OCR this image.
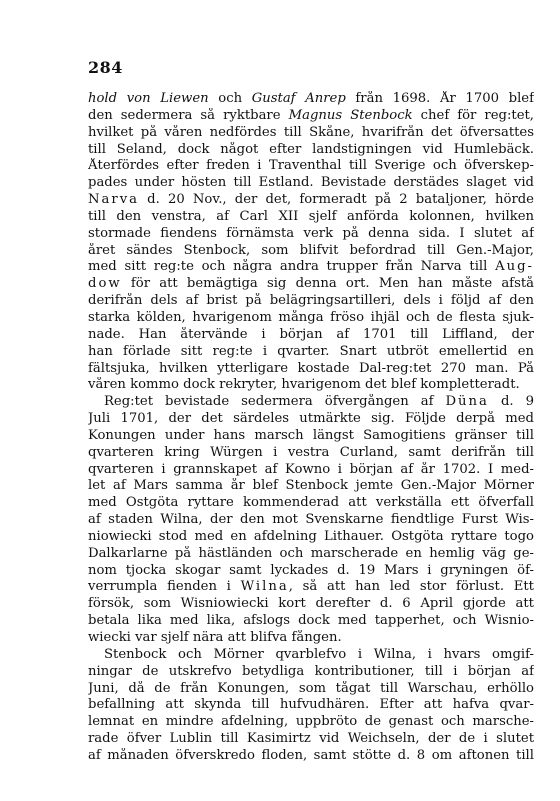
284
hold von Liewen och Gustaf Anrep från 1698. År 1700 blef
den sedermera så ryktbare Magnus Stenbock chef för reg:tet,
hvilket på våren nedfördes till Skåne, hvarifrån det öfversattes
till Seland, dock något efter landstigningen vid Humlebäck.
Återfördes efter freden i Traventhal till Sverige och öfverskep-
pades under hösten till Estland. Bevistade derstädes slaget vid
Narva d. 20 Nov., der det, formeradt på 2 bataljoner, hörde
till den venstra, af Carl XII sjelf anförda kolonnen, hvilken
stormade fiendens förnämsta verk på denna sida. I slutet af
året sändes Stenbock, som blifvit befordrad till Gen.-Major,
med sitt reg:te och några andra trupper från Narva till Aug-
dow för att bemägtiga sig denna ort. Men han måste afstå
derifrån dels af brist på belägringsartilleri, dels i följd af den
starka kölden, hvarigenom många fröso ihjäl och de flesta sjuk-
nade. Han återvände i början af 1701 till Liffland, der
han förlade sitt reg:te i qvarter. Snart utbröt emellertid en
fältsjuka, hvilken ytterligare kostade Dal-reg:tet 270 man. På
våren kommo dock rekryter, hvarigenom det blef kompletteradt.
Reg:tet bevistade sedermera öfvergången af Düna d. 9
Juli 1701, der det särdeles utmärkte sig. Följde derpå med
Konungen under hans marsch längst Samogitiens gränser till
qvarteren kring Würgen i vestra Curland, samt derifrån till
qvarteren i grannskapet af Kowno i början af år 1702. I med-
let af Mars samma år blef Stenbock jemte Gen.-Major Mörner
med Östgöta ryttare kommenderad att verkställa ett öfverfall
af staden Wilna, der den mot Svenskarne fiendtlige Furst Wis-
niowiecki stod med en afdelning Lithauer. Östgöta ryttare togo
Dalkarlarne på hästländen och marscherade en hemlig väg ge-
nom tjocka skogar samt lyckades d. 19 Mars i gryningen öf-
verrumpla fienden i Wilna, så att han led stor förlust. Ett
försök, som Wisniowiecki kort derefter d. 6 April gjorde att
betala lika med lika, afslogs dock med tapperhet, och Wisnio-
wiecki var sjelf nära att blifva fången.
Stenbock och Mörner qvarblefvo i Wilna, i hvars omgif-
ningar de utskrefvo betydliga kontributioner, till i början af
Juni, då de från Konungen, som tågat till Warschau, erhöllo
befallning att skynda till hufvudhären. Efter att hafva qvar-
lemnat en mindre afdelning, uppbröto de genast och marsche-
rade öfver Lublin till Kasimirtz vid Weichseln, der de i slutet
af månaden öfverskredo floden, samt stötte d. 8 om aftonen till
